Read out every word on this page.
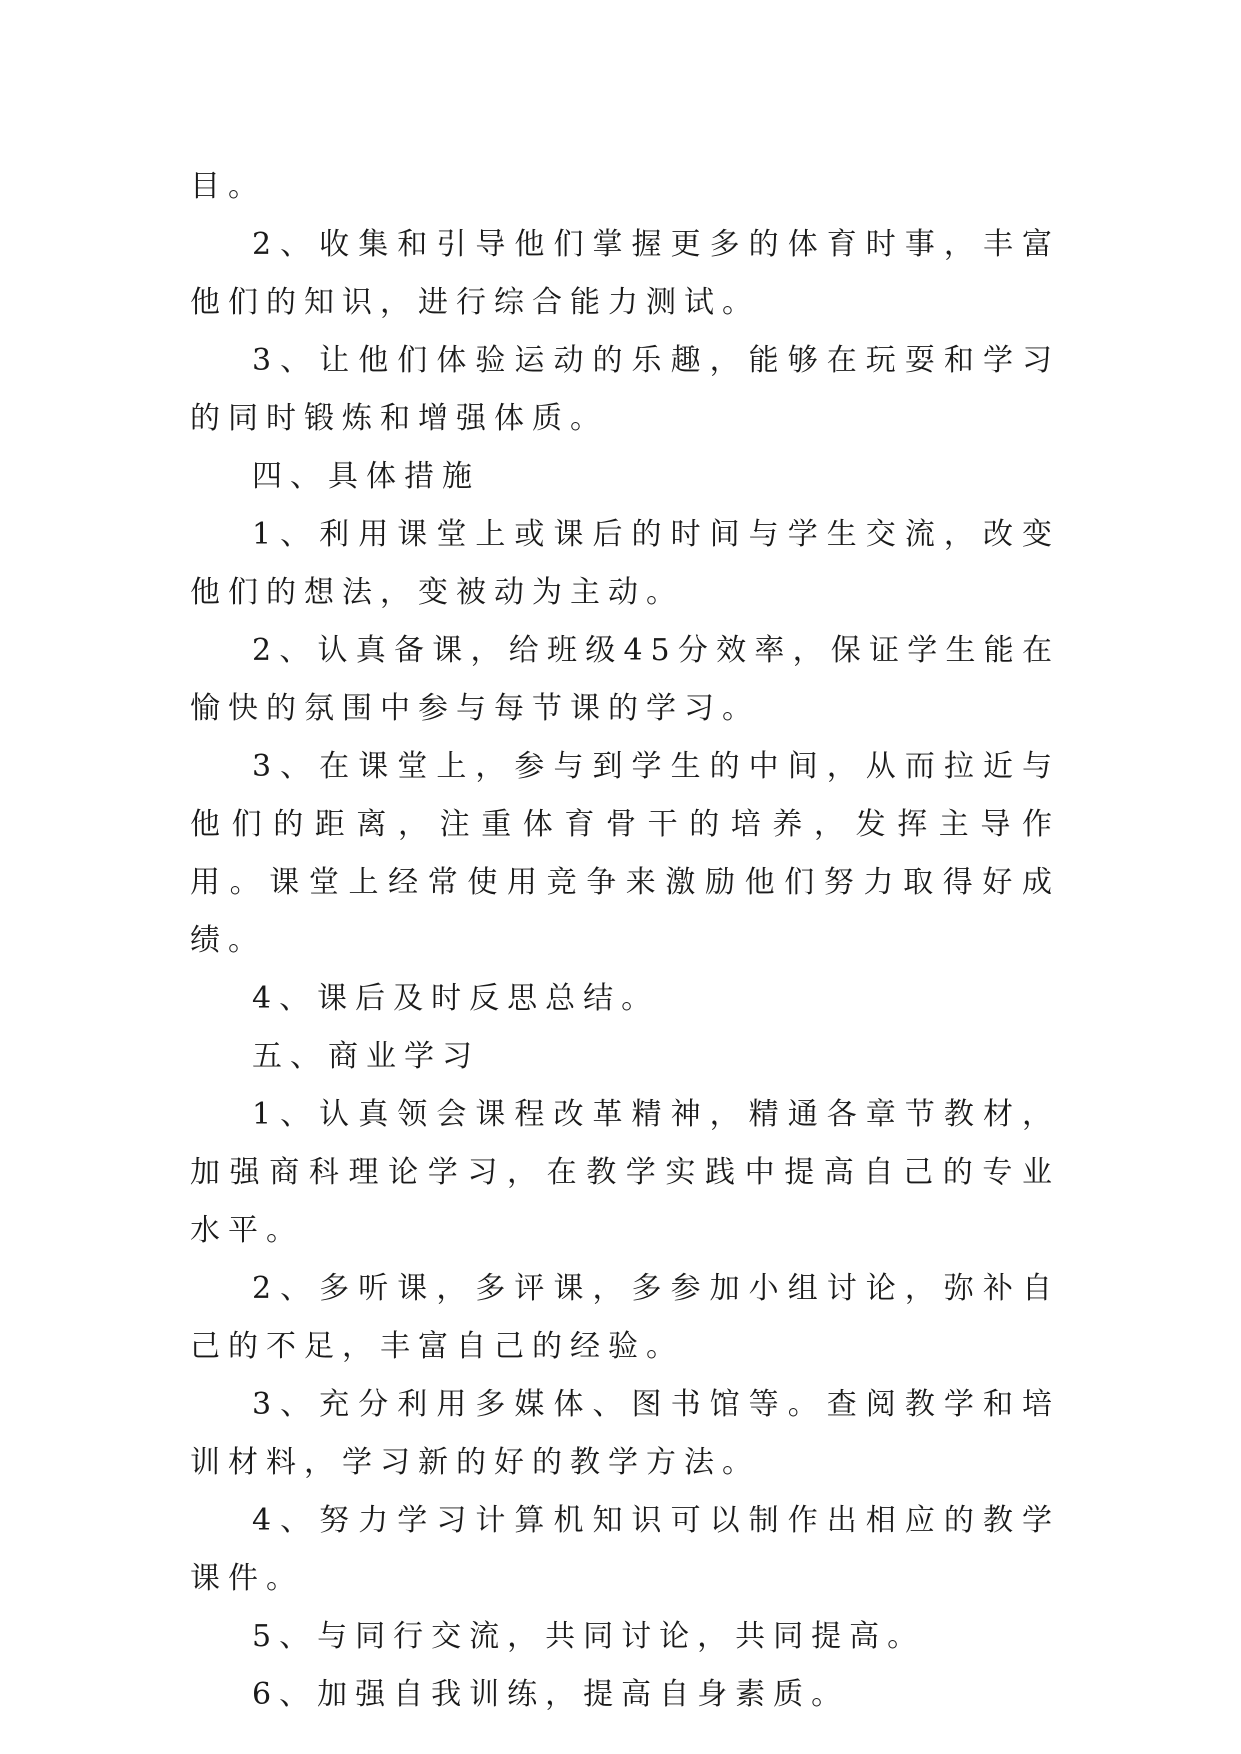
目。

2、收集和引导他们掌握更多的体育时事，丰富他们的知识，进行综合能力测试。

3、让他们体验运动的乐趣，能够在玩耍和学习的同时锻炼和增强体质。

四、具体措施

1、利用课堂上或课后的时间与学生交流，改变他们的想法，变被动为主动。

2、认真备课，给班级45分效率，保证学生能在愉快的氛围中参与每节课的学习。

3、在课堂上，参与到学生的中间，从而拉近与他们的距离，注重体育骨干的培养，发挥主导作用。课堂上经常使用竞争来激励他们努力取得好成绩。

4、课后及时反思总结。

五、商业学习

1、认真领会课程改革精神，精通各章节教材，加强商科理论学习，在教学实践中提高自己的专业水平。

2、多听课，多评课，多参加小组讨论，弥补自己的不足，丰富自己的经验。

3、充分利用多媒体、图书馆等。查阅教学和培训材料，学习新的好的教学方法。

4、努力学习计算机知识可以制作出相应的教学课件。

5、与同行交流，共同讨论，共同提高。

6、加强自我训练，提高自身素质。
